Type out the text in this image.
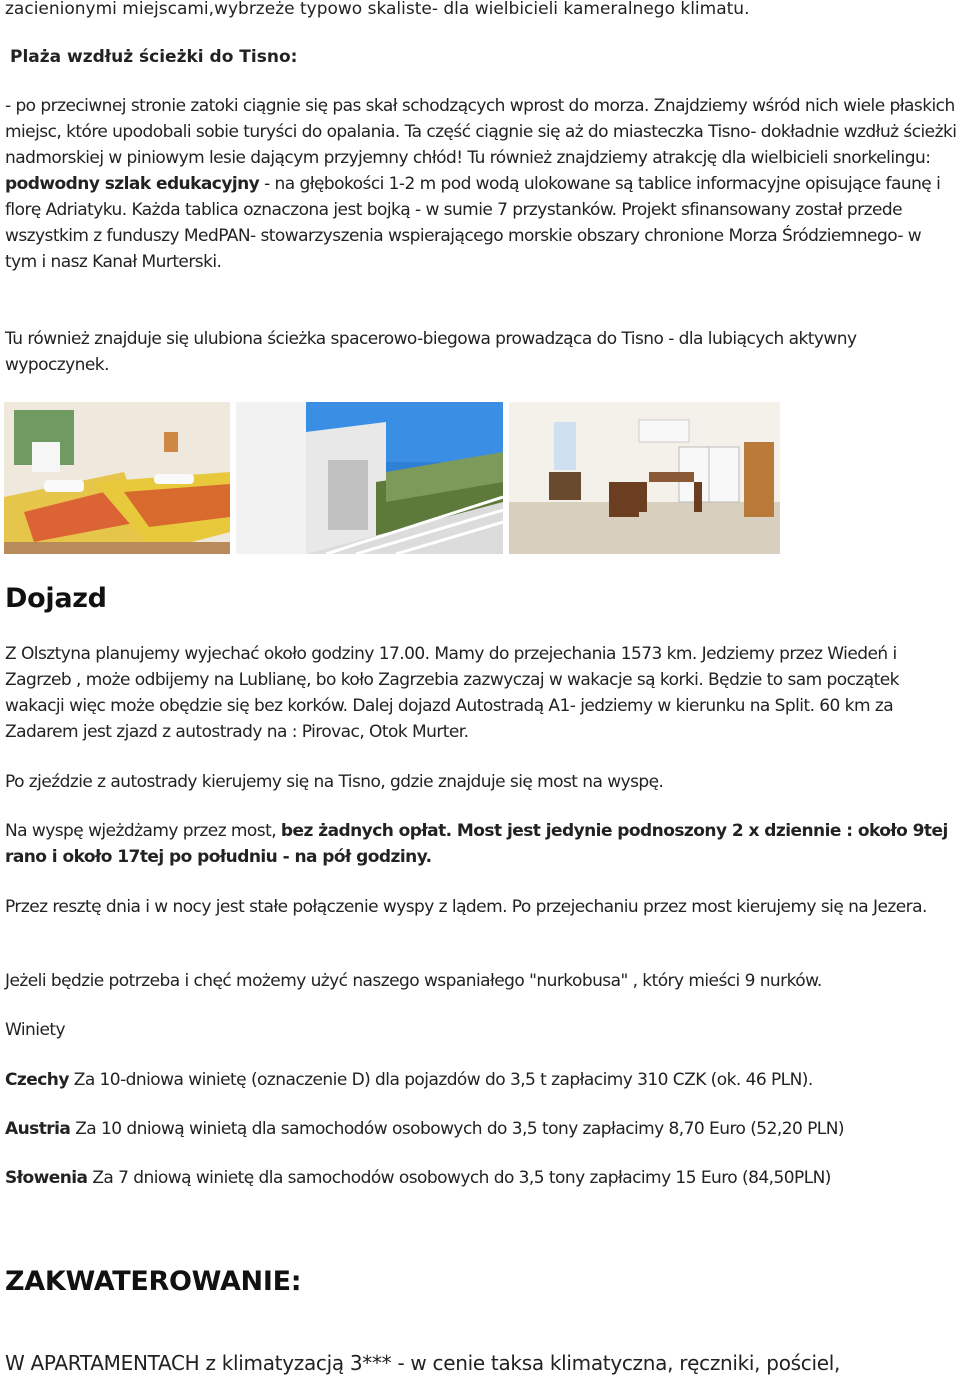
zacienionymi miejscami,wybrzeże typowo skaliste- dla wielbicieli kameralnego klimatu.

Plaża wzdłuż ścieżki do Tisno:

- po przeciwnej stronie zatoki ciągnie się pas skał schodzących wprost do morza. Znajdziemy wśród nich wiele płaskich miejsc, które upodobali sobie turyści do opalania. Ta część ciągnie się aż do miasteczka Tisno- dokładnie wzdłuż ścieżki nadmorskiej w piniowym lesie dającym przyjemny chłód! Tu również znajdziemy atrakcję dla wielbicieli snorkelingu: podwodny szlak edukacyjny - na głębokości 1-2 m pod wodą ulokowane są tablice informacyjne opisujące faunę i florę Adriatyku. Każda tablica oznaczona jest bojką - w sumie 7 przystanków. Projekt sfinansowany został przede wszystkim z funduszy MedPAN- stowarzyszenia wspierającego morskie obszary chronione Morza Śródziemnego- w tym i nasz Kanał Murterski.

Tu również znajduje się ulubiona ścieżka spacerowo-biegowa prowadząca do Tisno - dla lubiących aktywny wypoczynek.

Dojazd

Z Olsztyna planujemy wyjechać około godziny 17.00. Mamy do przejechania 1573 km. Jedziemy przez Wiedeń i Zagrzeb , może odbijemy na Lublianę, bo koło Zagrzebia zazwyczaj w wakacje są korki. Będzie to sam początek wakacji więc może obędzie się bez korków. Dalej dojazd Autostradą A1- jedziemy w kierunku na Split. 60 km za Zadarem jest zjazd z autostrady na : Pirovac, Otok Murter.

Po zjeździe z autostrady kierujemy się na Tisno, gdzie znajduje się most na wyspę.

Na wyspę wjeżdżamy przez most, bez żadnych opłat. Most jest jedynie podnoszony 2 x dziennie : około 9tej rano i około 17tej po południu - na pół godziny.

Przez resztę dnia i w nocy jest stałe połączenie wyspy z lądem. Po przejechaniu przez most kierujemy się na Jezera.

Jeżeli będzie potrzeba i chęć możemy użyć naszego wspaniałego "nurkobusa" , który mieści 9 nurków.

Winiety

Czechy Za 10-dniowa winietę (oznaczenie D) dla pojazdów do 3,5 t zapłacimy 310 CZK (ok. 46 PLN).

Austria Za 10 dniową winietą dla samochodów osobowych do 3,5 tony zapłacimy 8,70 Euro (52,20 PLN)

Słowenia Za 7 dniową winietę dla samochodów osobowych do 3,5 tony zapłacimy 15 Euro (84,50PLN)

ZAKWATEROWANIE:

W APARTAMENTACH z klimatyzacją 3*** - w cenie taksa klimatyczna, ręczniki, pościel,
